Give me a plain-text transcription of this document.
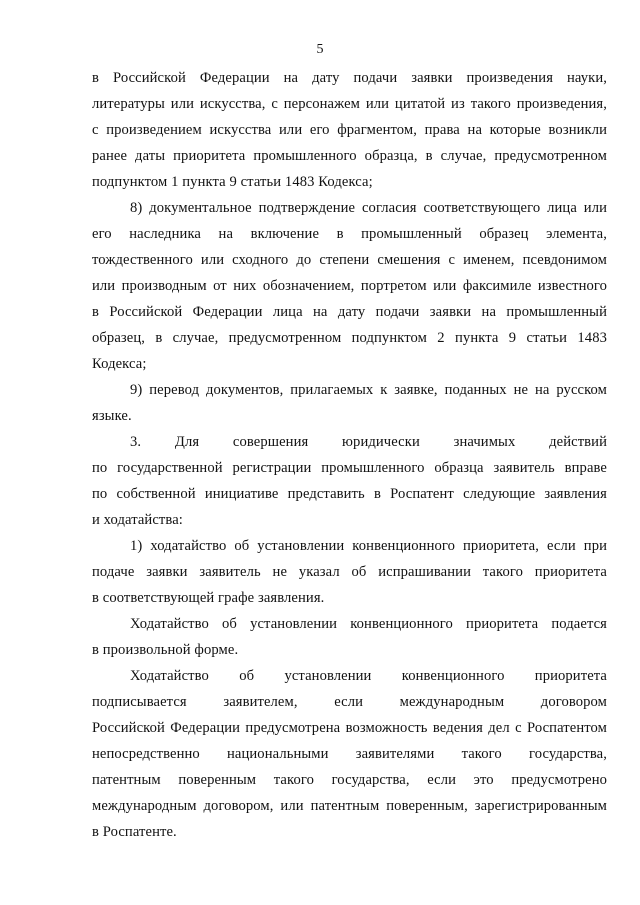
5
в Российской Федерации на дату подачи заявки произведения науки,
литературы или искусства, с персонажем или цитатой из такого произведения,
с произведением искусства или его фрагментом, права на которые возникли
ранее даты приоритета промышленного образца, в случае, предусмотренном
подпунктом 1 пункта 9 статьи 1483 Кодекса;
8) документальное подтверждение согласия соответствующего лица или
его наследника на включение в промышленный образец элемента,
тождественного или сходного до степени смешения с именем, псевдонимом
или производным от них обозначением, портретом или факсимиле известного
в Российской Федерации лица на дату подачи заявки на промышленный
образец, в случае, предусмотренном подпунктом 2 пункта 9 статьи 1483
Кодекса;
9) перевод документов, прилагаемых к заявке, поданных не на русском
языке.
3. Для совершения юридически значимых действий
по государственной регистрации промышленного образца заявитель вправе
по собственной инициативе представить в Роспатент следующие заявления
и ходатайства:
1) ходатайство об установлении конвенционного приоритета, если при
подаче заявки заявитель не указал об испрашивании такого приоритета
в соответствующей графе заявления.
Ходатайство об установлении конвенционного приоритета подается
в произвольной форме.
Ходатайство об установлении конвенционного приоритета
подписывается заявителем, если международным договором
Российской Федерации предусмотрена возможность ведения дел с Роспатентом
непосредственно национальными заявителями такого государства,
патентным поверенным такого государства, если это предусмотрено
международным договором, или патентным поверенным, зарегистрированным
в Роспатенте.
